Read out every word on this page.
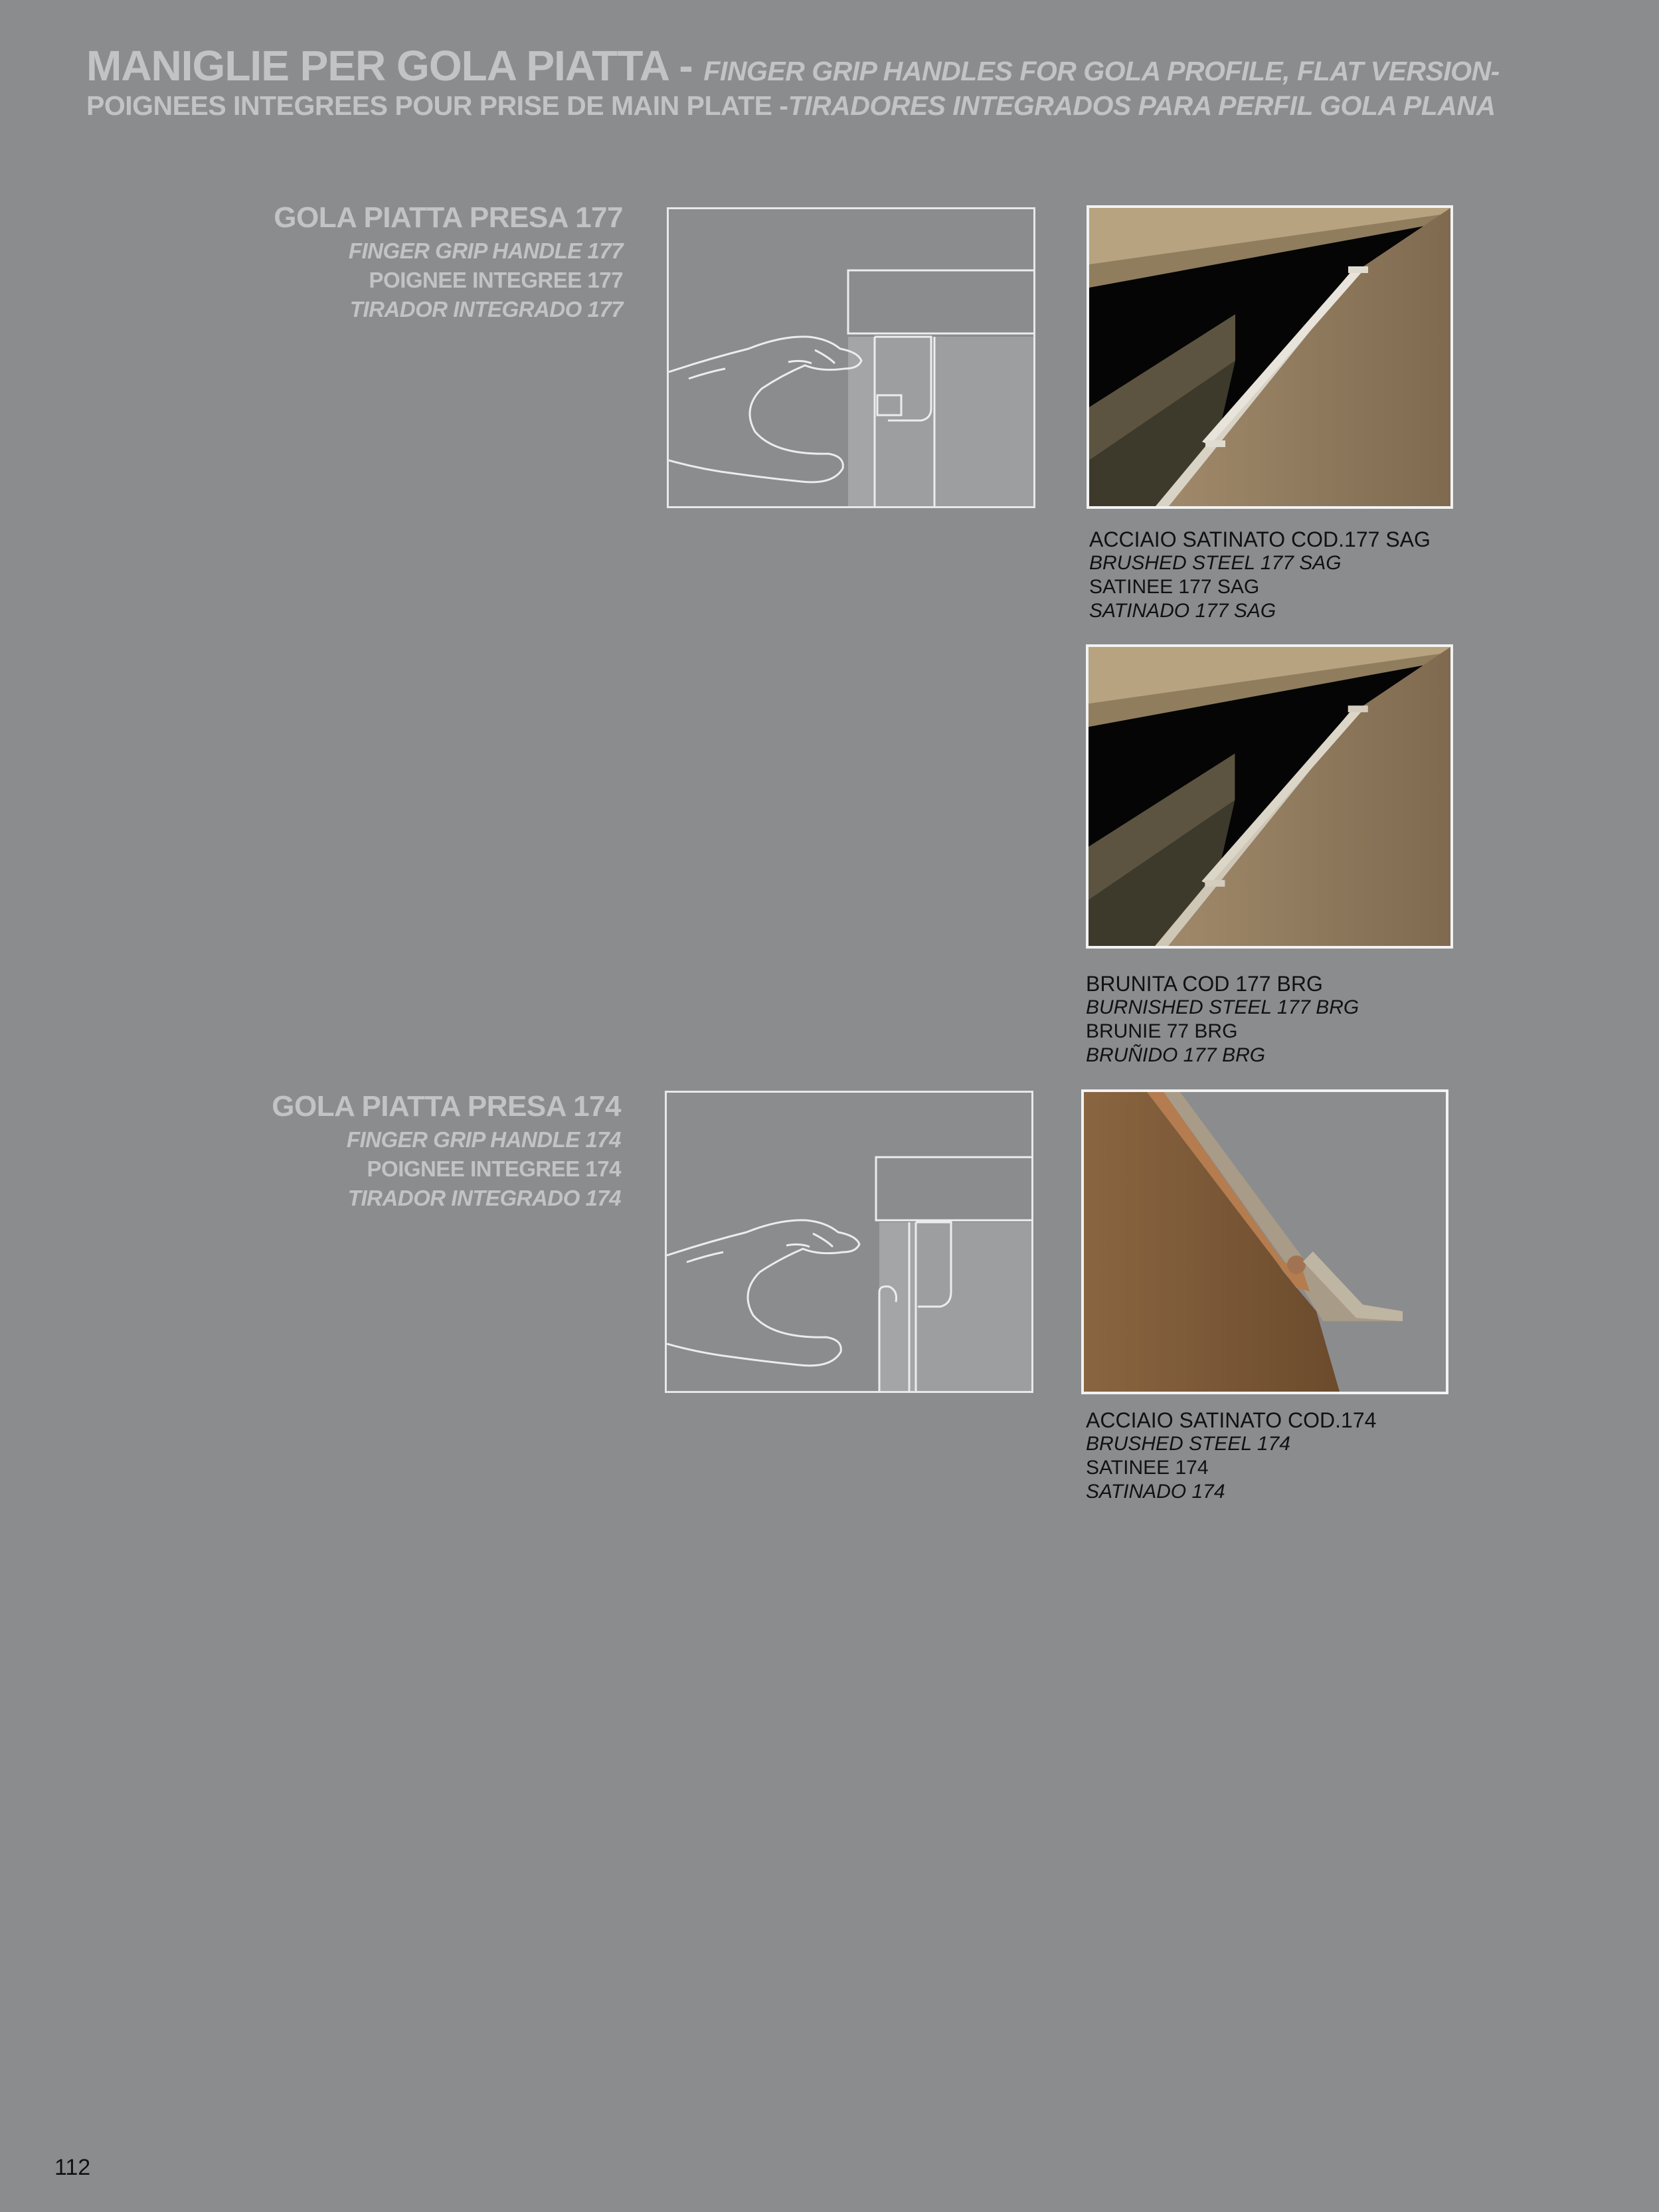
MANIGLIE PER GOLA PIATTA - FINGER GRIP HANDLES FOR GOLA PROFILE, FLAT VERSION-
POIGNEES INTEGREES POUR PRISE DE MAIN PLATE -TIRADORES INTEGRADOS PARA PERFIL GOLA PLANA
GOLA PIATTA PRESA 177
FINGER GRIP HANDLE 177
POIGNEE INTEGREE 177
TIRADOR INTEGRADO 177
ACCIAIO SATINATO COD.177 SAG
BRUSHED STEEL 177 SAG
SATINEE 177 SAG
SATINADO 177 SAG
BRUNITA COD 177 BRG
BURNISHED STEEL 177 BRG
BRUNIE 77 BRG
BRUÑIDO 177 BRG
GOLA PIATTA PRESA 174
FINGER GRIP HANDLE 174
POIGNEE INTEGREE 174
TIRADOR INTEGRADO 174
ACCIAIO SATINATO COD.174
BRUSHED STEEL 174
SATINEE 174
SATINADO 174
112
